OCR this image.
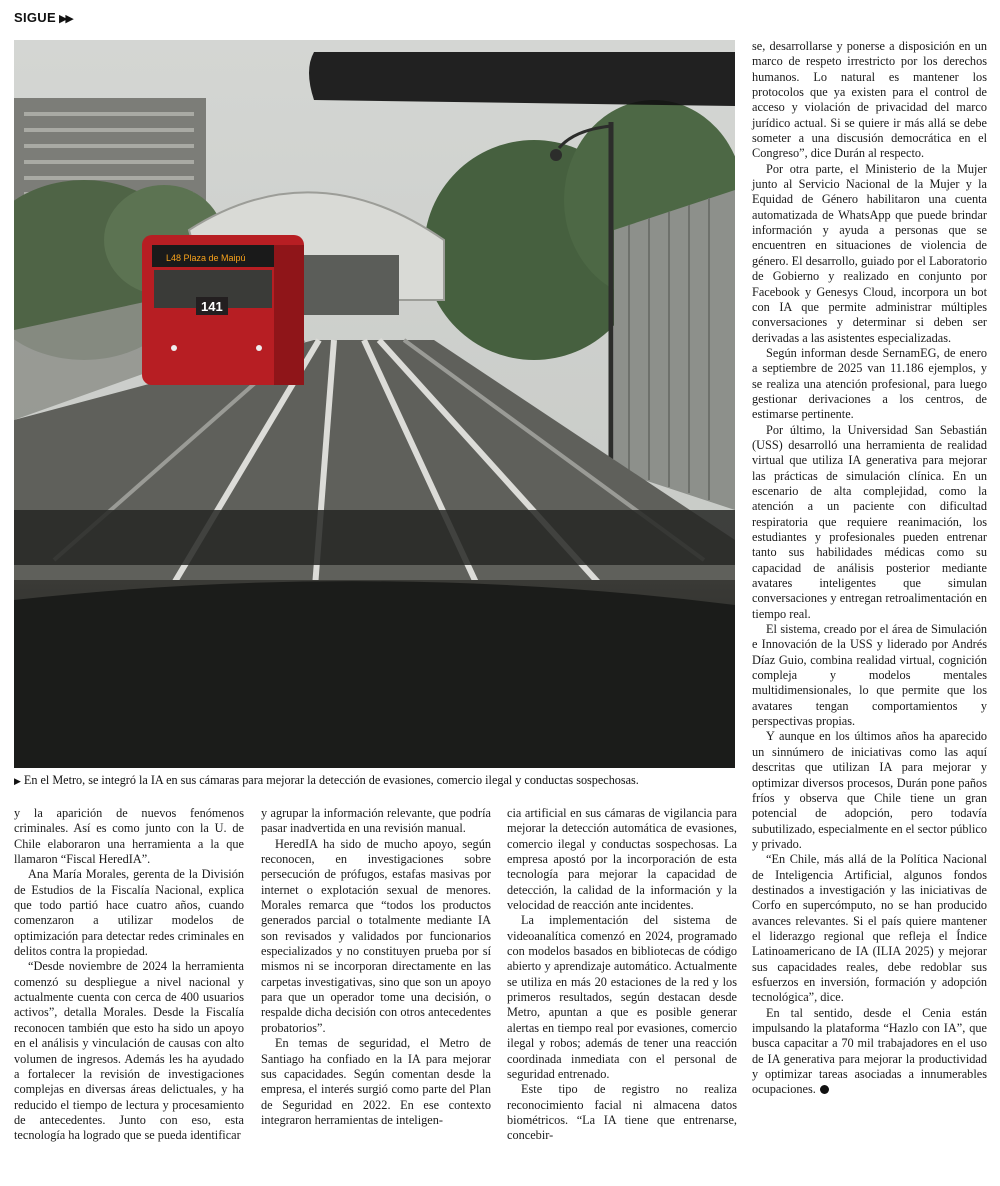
SIGUE ▶▶
L48 Plaza de Maipú
141
▶ En el Metro, se integró la IA en sus cámaras para mejorar la detección de evasiones, comercio ilegal y conductas sospechosas.

se, desarrollarse y ponerse a disposición en un marco de respeto irrestricto por los derechos humanos. Lo natural es mantener los protocolos que ya existen para el control de acceso y violación de privacidad del marco jurídico actual. Si se quiere ir más allá se debe someter a una discusión democrática en el Congreso”, dice Durán al respecto.

Por otra parte, el Ministerio de la Mujer junto al Servicio Nacional de la Mujer y la Equidad de Género habilitaron una cuenta automatizada de WhatsApp que puede brindar información y ayuda a personas que se encuentren en situaciones de violencia de género. El desarrollo, guiado por el Laboratorio de Gobierno y realizado en conjunto por Facebook y Genesys Cloud, incorpora un bot con IA que permite administrar múltiples conversaciones y determinar si deben ser derivadas a las asistentes especializadas.

Según informan desde SernamEG, de enero a septiembre de 2025 van 11.186 ejemplos, y se realiza una atención profesional, para luego gestionar derivaciones a los centros, de estimarse pertinente.

Por último, la Universidad San Sebastián (USS) desarrolló una herramienta de realidad virtual que utiliza IA generativa para mejorar las prácticas de simulación clínica. En un escenario de alta complejidad, como la atención a un paciente con dificultad respiratoria que requiere reanimación, los estudiantes y profesionales pueden entrenar tanto sus habilidades médicas como su capacidad de análisis posterior mediante avatares inteligentes que simulan conversaciones y entregan retroalimentación en tiempo real.

El sistema, creado por el área de Simulación e Innovación de la USS y liderado por Andrés Díaz Guio, combina realidad virtual, cognición compleja y modelos mentales multidimensionales, lo que permite que los avatares tengan comportamientos y perspectivas propias.

Y aunque en los últimos años ha aparecido un sinnúmero de iniciativas como las aquí descritas que utilizan IA para mejorar y optimizar diversos procesos, Durán pone paños fríos y observa que Chile tiene un gran potencial de adopción, pero todavía subutilizado, especialmente en el sector público y privado.

“En Chile, más allá de la Política Nacional de Inteligencia Artificial, algunos fondos destinados a investigación y las iniciativas de Corfo en supercómputo, no se han producido avances relevantes. Si el país quiere mantener el liderazgo regional que refleja el Índice Latinoamericano de IA (ILIA 2025) y mejorar sus capacidades reales, debe redoblar sus esfuerzos en inversión, formación y adopción tecnológica”, dice.

En tal sentido, desde el Cenia están impulsando la plataforma “Hazlo con IA”, que busca capacitar a 70 mil trabajadores en el uso de IA generativa para mejorar la productividad y optimizar tareas asociadas a innumerables ocupaciones.

y la aparición de nuevos fenómenos criminales. Así es como junto con la U. de Chile elaboraron una herramienta a la que llamaron “Fiscal HeredIA”.

Ana María Morales, gerenta de la División de Estudios de la Fiscalía Nacional, explica que todo partió hace cuatro años, cuando comenzaron a utilizar modelos de optimización para detectar redes criminales en delitos contra la propiedad.

“Desde noviembre de 2024 la herramienta comenzó su despliegue a nivel nacional y actualmente cuenta con cerca de 400 usuarios activos”, detalla Morales. Desde la Fiscalía reconocen también que esto ha sido un apoyo en el análisis y vinculación de causas con alto volumen de ingresos. Además les ha ayudado a fortalecer la revisión de investigaciones complejas en diversas áreas delictuales, y ha reducido el tiempo de lectura y procesamiento de antecedentes. Junto con eso, esta tecnología ha logrado que se pueda identificar

y agrupar la información relevante, que podría pasar inadvertida en una revisión manual.

HeredIA ha sido de mucho apoyo, según reconocen, en investigaciones sobre persecución de prófugos, estafas masivas por internet o explotación sexual de menores. Morales remarca que “todos los productos generados parcial o totalmente mediante IA son revisados y validados por funcionarios especializados y no constituyen prueba por sí mismos ni se incorporan directamente en las carpetas investigativas, sino que son un apoyo para que un operador tome una decisión, o respalde dicha decisión con otros antecedentes probatorios”.

En temas de seguridad, el Metro de Santiago ha confiado en la IA para mejorar sus capacidades. Según comentan desde la empresa, el interés surgió como parte del Plan de Seguridad en 2022. En ese contexto integraron herramientas de inteligen-

cia artificial en sus cámaras de vigilancia para mejorar la detección automática de evasiones, comercio ilegal y conductas sospechosas. La empresa apostó por la incorporación de esta tecnología para mejorar la capacidad de detección, la calidad de la información y la velocidad de reacción ante incidentes.

La implementación del sistema de videoanalítica comenzó en 2024, programado con modelos basados en bibliotecas de código abierto y aprendizaje automático. Actualmente se utiliza en más 20 estaciones de la red y los primeros resultados, según destacan desde Metro, apuntan a que es posible generar alertas en tiempo real por evasiones, comercio ilegal y robos; además de tener una reacción coordinada inmediata con el personal de seguridad entrenado.

Este tipo de registro no realiza reconocimiento facial ni almacena datos biométricos. “La IA tiene que entrenarse, concebir-
